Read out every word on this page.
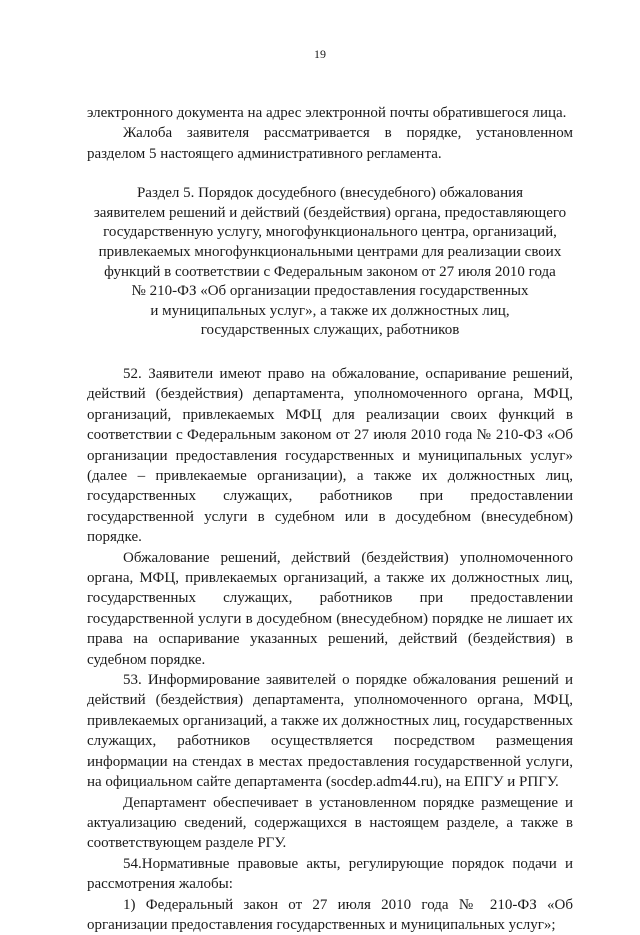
19

электронного документа на адрес электронной почты обратившегося лица.

Жалоба заявителя рассматривается в порядке, установленном разделом 5 настоящего административного регламента.

Раздел 5. Порядок досудебного (внесудебного) обжалования
заявителем решений и действий (бездействия) органа, предоставляющего
государственную услугу, многофункционального центра, организаций,
привлекаемых многофункциональными центрами для реализации своих
функций в соответствии с Федеральным законом от 27 июля 2010 года
№ 210-ФЗ «Об организации предоставления государственных
и муниципальных услуг», а также их должностных лиц,
государственных служащих, работников

52. Заявители имеют право на обжалование, оспаривание решений, действий (бездействия) департамента, уполномоченного органа, МФЦ, организаций, привлекаемых МФЦ для реализации своих функций в соответствии с Федеральным законом от 27 июля 2010 года № 210-ФЗ «Об организации предоставления государственных и муниципальных услуг» (далее – привлекаемые организации), а также их должностных лиц, государственных служащих, работников при предоставлении государственной услуги в судебном или в досудебном (внесудебном) порядке.

Обжалование решений, действий (бездействия) уполномоченного органа, МФЦ, привлекаемых организаций, а также их должностных лиц, государственных служащих, работников при предоставлении государственной услуги в досудебном (внесудебном) порядке не лишает их права на оспаривание указанных решений, действий (бездействия) в судебном порядке.

53. Информирование заявителей о порядке обжалования решений и действий (бездействия) департамента, уполномоченного органа, МФЦ, привлекаемых организаций, а также их должностных лиц, государственных служащих, работников осуществляется посредством размещения информации на стендах в местах предоставления государственной услуги, на официальном сайте департамента (socdep.adm44.ru), на ЕПГУ и РПГУ.

Департамент обеспечивает в установленном порядке размещение и актуализацию сведений, содержащихся в настоящем разделе, а также в соответствующем разделе РГУ.

54.Нормативные правовые акты, регулирующие порядок подачи и рассмотрения жалобы:

1) Федеральный закон от 27 июля 2010 года № 210-ФЗ «Об организации предоставления государственных и муниципальных услуг»;
